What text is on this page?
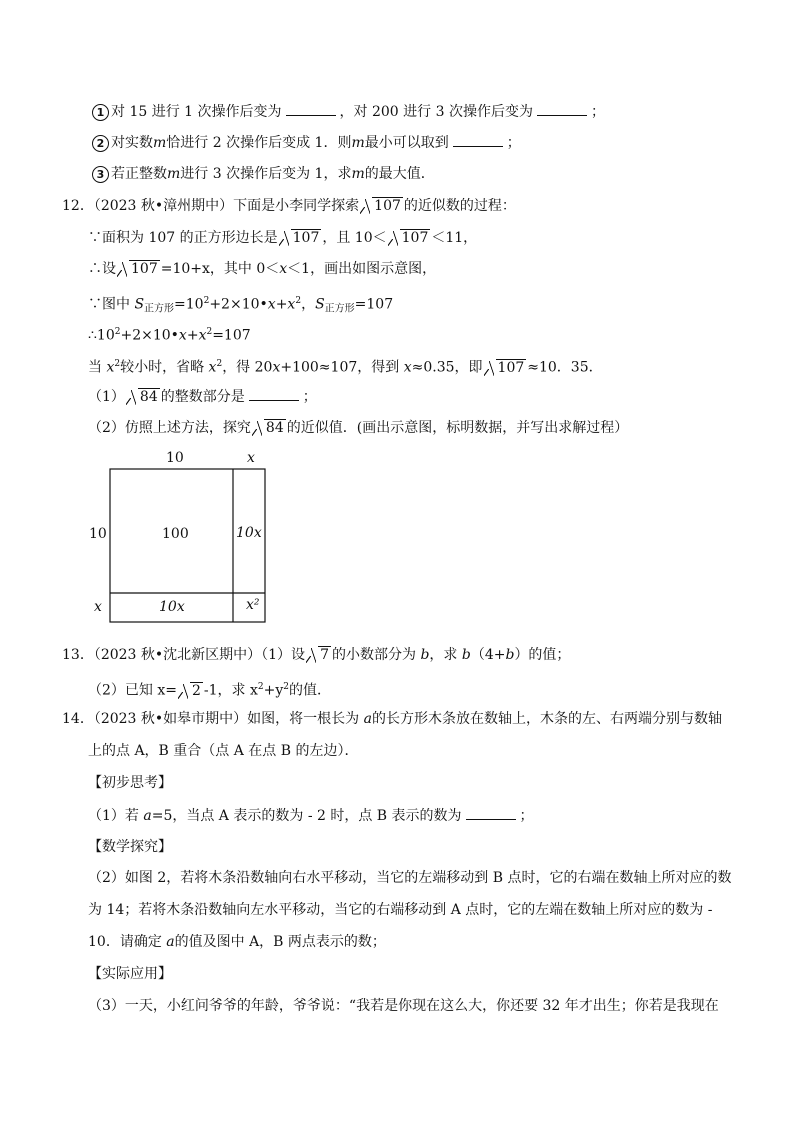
1 对 15 进行 1 次操作后变为	，对 200 进行 3 次操作后变为	；
2 对实数m恰进行 2 次操作后变成 1．则m最小可以取到	；
3 若正整数m进行 3 次操作后变为 1，求m的最大值．
12．（2023 秋•漳州期中）下面是小李同学探索 107 的近似数的过程：
∵面积为 107 的正方形边长是 107 ，且 10＜ 107 ＜11，
∴设 107 =10+x，其中 0＜x＜1，画出如图示意图，
∵图中 $S_{正方形}=10^2+2\times 10•x+x^2$，$S_{正方形}=107$
$\therefore 10^2+2\times 10•x+x^2=107$
当 $x^2$较小时，省略 $x^2$，得 20x+100≈107，得到 x≈0.35，即 107 ≈10．35．
（1） 84 的整数部分是	；
（2）仿照上述方法，探究 84 的近似值．(画出示意图，标明数据，并写出求解过程）
10	x
10
x
100	10x
10x	x²
13．（2023 秋•沈北新区期中）（1）设 7 的小数部分为 b，求 b（4+b）的值；
（2）已知 x= 2 -1，求 $x^2+y^2$的值．
14．（2023 秋•如皋市期中）如图，将一根长为 a的长方形木条放在数轴上，木条的左、右两端分别与数轴
上的点 A，B 重合（点 A 在点 B 的左边）．
【初步思考】
（1）若 a=5，当点 A 表示的数为 - 2 时，点 B 表示的数为	；
【数学探究】
（2）如图 2，若将木条沿数轴向右水平移动，当它的左端移动到 B 点时，它的右端在数轴上所对应的数
为 14；若将木条沿数轴向左水平移动，当它的右端移动到 A 点时，它的左端在数轴上所对应的数为 -
10．请确定 a的值及图中 A，B 两点表示的数；
【实际应用】
（3）一天，小红问爷爷的年龄，爷爷说：“我若是你现在这么大，你还要 32 年才出生；你若是我现在
